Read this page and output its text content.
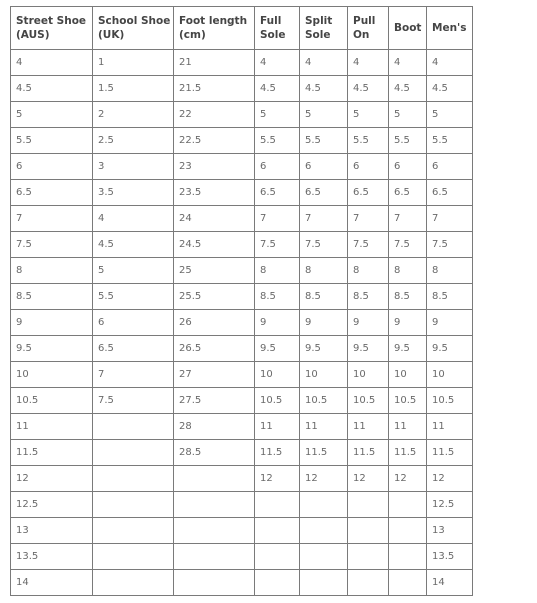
Street Shoe (AUS)	School Shoe (UK)	Foot length (cm)	Full Sole	Split Sole	Pull On	Boot	Men's
4	1	21	4	4	4	4	4
4.5	1.5	21.5	4.5	4.5	4.5	4.5	4.5
5	2	22	5	5	5	5	5
5.5	2.5	22.5	5.5	5.5	5.5	5.5	5.5
6	3	23	6	6	6	6	6
6.5	3.5	23.5	6.5	6.5	6.5	6.5	6.5
7	4	24	7	7	7	7	7
7.5	4.5	24.5	7.5	7.5	7.5	7.5	7.5
8	5	25	8	8	8	8	8
8.5	5.5	25.5	8.5	8.5	8.5	8.5	8.5
9	6	26	9	9	9	9	9
9.5	6.5	26.5	9.5	9.5	9.5	9.5	9.5
10	7	27	10	10	10	10	10
10.5	7.5	27.5	10.5	10.5	10.5	10.5	10.5
11		28	11	11	11	11	11
11.5		28.5	11.5	11.5	11.5	11.5	11.5
12			12	12	12	12	12
12.5							12.5
13							13
13.5							13.5
14							14
